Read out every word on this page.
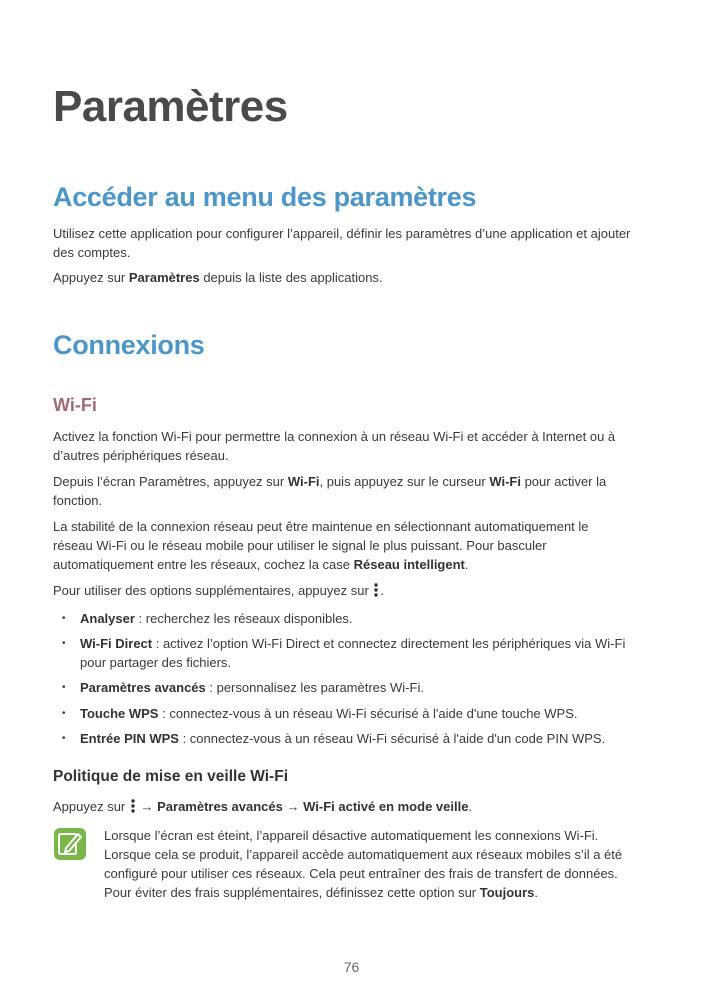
Paramètres
Accéder au menu des paramètres

Utilisez cette application pour configurer l’appareil, définir les paramètres d’une application et ajouter des comptes.

Appuyez sur Paramètres depuis la liste des applications.

Connexions
Wi-Fi

Activez la fonction Wi-Fi pour permettre la connexion à un réseau Wi-Fi et accéder à Internet ou à d’autres périphériques réseau.

Depuis l’écran Paramètres, appuyez sur Wi-Fi, puis appuyez sur le curseur Wi-Fi pour activer la fonction.

La stabilité de la connexion réseau peut être maintenue en sélectionnant automatiquement le réseau Wi-Fi ou le réseau mobile pour utiliser le signal le plus puissant. Pour basculer automatiquement entre les réseaux, cochez la case Réseau intelligent.

Pour utiliser des options supplémentaires, appuyez sur .

• Analyser : recherchez les réseaux disponibles.
• Wi-Fi Direct : activez l’option Wi-Fi Direct et connectez directement les périphériques via Wi-Fi pour partager des fichiers.
• Paramètres avancés : personnalisez les paramètres Wi-Fi.
• Touche WPS : connectez-vous à un réseau Wi-Fi sécurisé à l'aide d'une touche WPS.
• Entrée PIN WPS : connectez-vous à un réseau Wi-Fi sécurisé à l'aide d'un code PIN WPS.
Politique de mise en veille Wi-Fi

Appuyez sur  → Paramètres avancés → Wi-Fi activé en mode veille.

Lorsque l’écran est éteint, l’appareil désactive automatiquement les connexions Wi-Fi. Lorsque cela se produit, l’appareil accède automatiquement aux réseaux mobiles s’il a été configuré pour utiliser ces réseaux. Cela peut entraîner des frais de transfert de données. Pour éviter des frais supplémentaires, définissez cette option sur Toujours.
76
